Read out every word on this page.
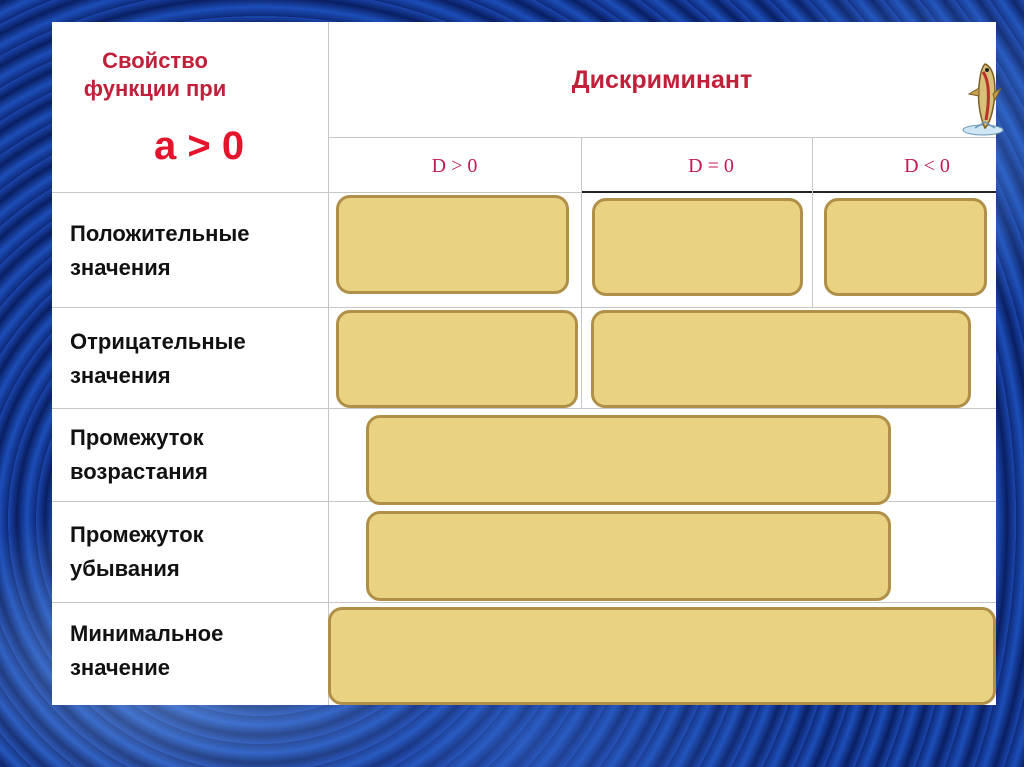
Свойство функции при
а > 0
Дискриминант
D > 0	D = 0	D < 0
Положительные значения
Отрицательные значения
Промежуток возрастания
Промежуток убывания
Минимальное значение
